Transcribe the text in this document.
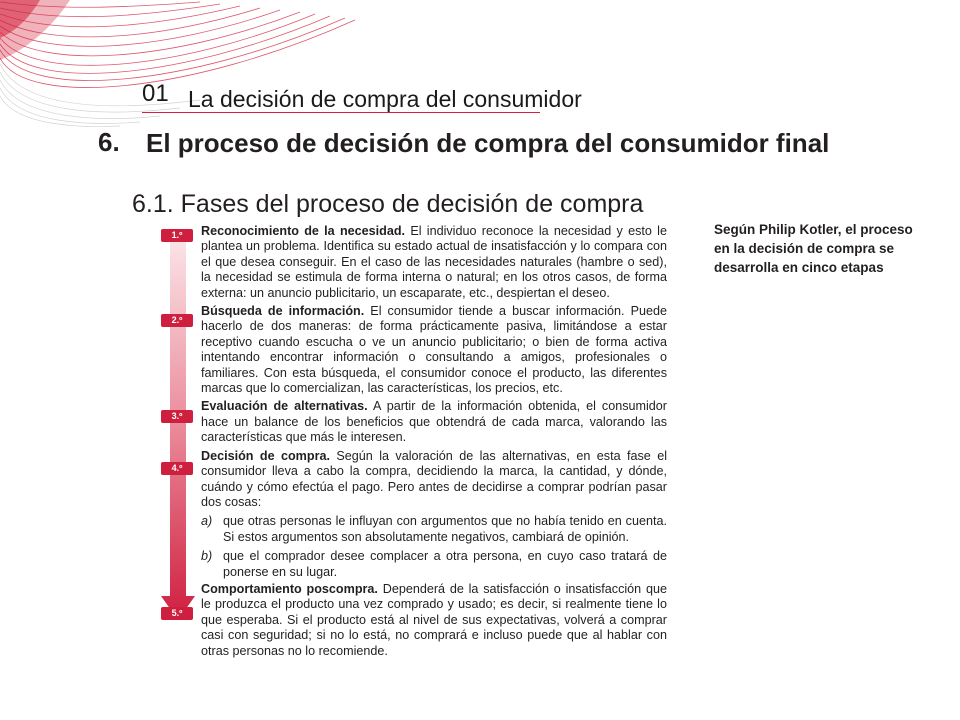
01 La decisión de compra del consumidor
6. El proceso de decisión de compra del consumidor final
6.1. Fases del proceso de decisión de compra
1.º
2.º
3.º
4.º
5.º

Reconocimiento de la necesidad. El individuo reconoce la necesidad y esto le plantea un problema. Identifica su estado actual de insatisfacción y lo compara con el que desea conseguir. En el caso de las necesidades naturales (hambre o sed), la necesidad se estimula de forma interna o natural; en los otros casos, de forma externa: un anuncio publicitario, un escaparate, etc., despiertan el deseo.

Búsqueda de información. El consumidor tiende a buscar información. Puede hacerlo de dos maneras: de forma prácticamente pasiva, limitándose a estar receptivo cuando escucha o ve un anuncio publicitario; o bien de forma activa intentando encontrar información o consultando a amigos, profesionales o familiares. Con esta búsqueda, el consumidor conoce el producto, las diferentes marcas que lo comercializan, las características, los precios, etc.

Evaluación de alternativas. A partir de la información obtenida, el consumidor hace un balance de los beneficios que obtendrá de cada marca, valorando las características que más le interesen.

Decisión de compra. Según la valoración de las alternativas, en esta fase el consumidor lleva a cabo la compra, decidiendo la marca, la cantidad, y dónde, cuándo y cómo efectúa el pago. Pero antes de decidirse a comprar podrían pasar dos cosas:

a) que otras personas le influyan con argumentos que no había tenido en cuenta. Si estos argumentos son absolutamente negativos, cambiará de opinión.
b) que el comprador desee complacer a otra persona, en cuyo caso tratará de ponerse en su lugar.

Comportamiento poscompra. Dependerá de la satisfacción o insatisfacción que le produzca el producto una vez comprado y usado; es decir, si realmente tiene lo que esperaba. Si el producto está al nivel de sus expectativas, volverá a comprar casi con seguridad; si no lo está, no comprará e incluso puede que al hablar con otras personas no lo recomiende.

Según Philip Kotler, el proceso en la decisión de compra se desarrolla en cinco etapas
